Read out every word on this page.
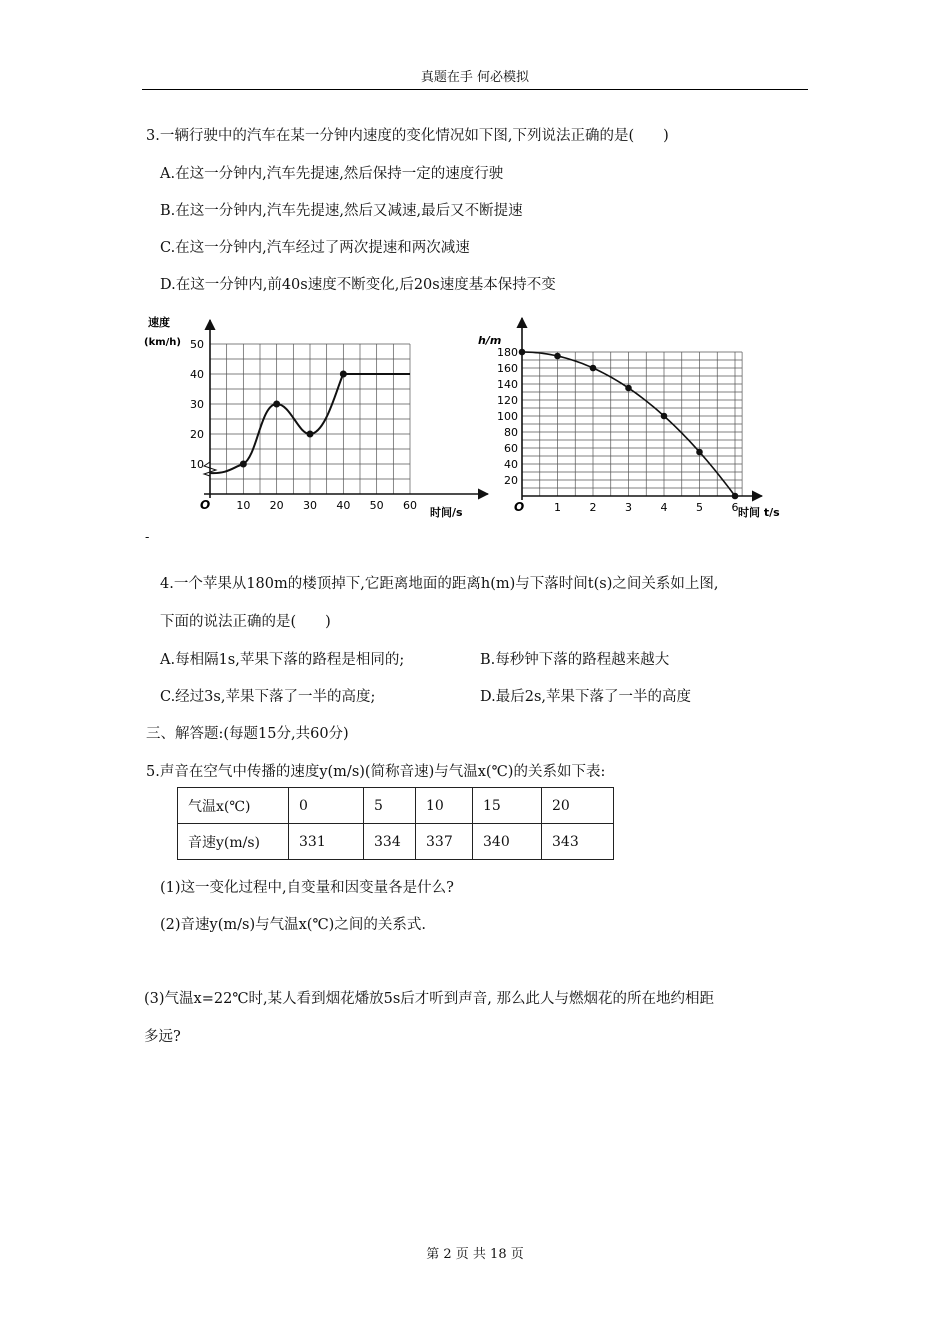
真题在手 何必模拟
3.一辆行驶中的汽车在某一分钟内速度的变化情况如下图,下列说法正确的是(　　)
A.在这一分钟内,汽车先提速,然后保持一定的速度行驶
B.在这一分钟内,汽车先提速,然后又减速,最后又不断提速
C.在这一分钟内,汽车经过了两次提速和两次减速
D.在这一分钟内,前40s速度不断变化,后20s速度基本保持不变
速度
(km/h)
O
时间/s
10 20 30 40 50 60
10
20
30
40
50	h/m
O	时间 t/s
1	2	3	4	5	6
20
40
60
80
100
120
140
160
180
-
4.一个苹果从180m的楼顶掉下,它距离地面的距离h(m)与下落时间t(s)之间关系如上图,
下面的说法正确的是(　　)
A.每相隔1s,苹果下落的路程是相同的;	B.每秒钟下落的路程越来越大
C.经过3s,苹果下落了一半的高度;	D.最后2s,苹果下落了一半的高度
三、解答题:(每题15分,共60分)
5.声音在空气中传播的速度y(m/s)(简称音速)与气温x(℃)的关系如下表:
气温x(℃)	0	5	10	15	20
音速y(m/s)	331	334	337	340	343
(1)这一变化过程中,自变量和因变量各是什么?
(2)音速y(m/s)与气温x(℃)之间的关系式.
(3)气温x=22℃时,某人看到烟花燔放5s后才听到声音, 那么此人与燃烟花的所在地约相距
多远?
第 2 页 共 18 页
